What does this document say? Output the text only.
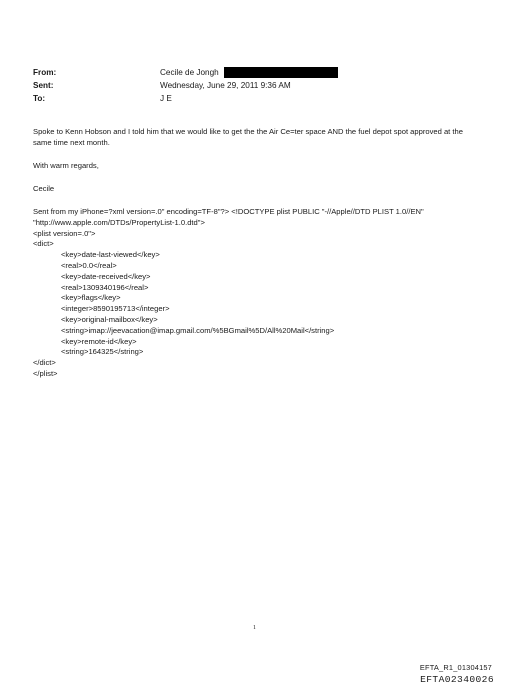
From:	Cecile de Jongh
Sent:	Wednesday, June 29, 2011 9:36 AM
To:	J E

Spoke to Kenn Hobson and I told him that we would like to get the the Air Ce=ter space AND the fuel depot spot approved at the same time next month.

With warm regards,

Cecile

Sent from my iPhone=?xml version=.0" encoding=TF-8"?> <!DOCTYPE plist PUBLIC "-//Apple//DTD PLIST 1.0//EN"
"http://www.apple.com/DTDs/PropertyList-1.0.dtd">
<plist version=.0">
<dict>
<key>date-last-viewed</key>
<real>0.0</real>
<key>date-received</key>
<real>1309340196</real>
<key>flags</key>
<integer>8590195713</integer>
<key>original-mailbox</key>
<string>imap://jeevacation@imap.gmail.com/%5BGmail%5D/All%20Mail</string>
<key>remote-id</key>
<string>164325</string>
</dict>
</plist>
1
EFTA_R1_01304157
EFTA02340026
